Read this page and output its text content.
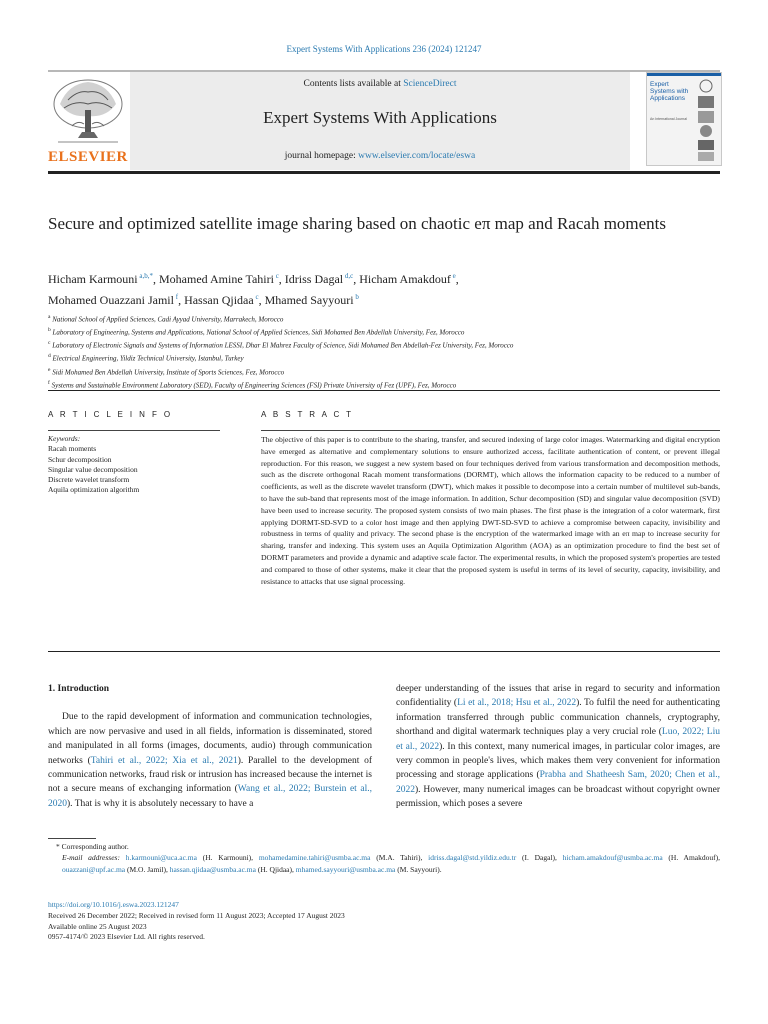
Expert Systems With Applications 236 (2024) 121247
ELSEVIER
Contents lists available at ScienceDirect
Expert Systems With Applications
journal homepage: www.elsevier.com/locate/eswa
Expert Systems with Applications
An International Journal
Secure and optimized satellite image sharing based on chaotic eπ map and Racah moments
Hicham Karmouni $^{a,b,*}$, Mohamed Amine Tahiri $^c$, Idriss Dagal $^{d,c}$, Hicham Amakdouf $^e$,
Mohamed Ouazzani Jamil $^f$, Hassan Qjidaa $^c$, Mhamed Sayyouri $^b$
$^a$ National School of Applied Sciences, Cadi Ayyad University, Marrakech, Morocco
$^b$ Laboratory of Engineering, Systems and Applications, National School of Applied Sciences, Sidi Mohamed Ben Abdellah University, Fez, Morocco
$^c$ Laboratory of Electronic Signals and Systems of Information LESSI, Dhar El Mahrez Faculty of Science, Sidi Mohamed Ben Abdellah-Fez University, Fez, Morocco
$^d$ Electrical Engineering, Yildiz Technical University, Istanbul, Turkey
$^e$ Sidi Mohamed Ben Abdellah University, Institute of Sports Sciences, Fez, Morocco
$^f$ Systems and Sustainable Environment Laboratory (SED), Faculty of Engineering Sciences (FSI) Private University of Fez (UPF), Fez, Morocco
A R T I C L E I N F O	A B S T R A C T
Keywords:
Racah moments
Schur decomposition
Singular value decomposition
Discrete wavelet transform
Aquila optimization algorithm
The objective of this paper is to contribute to the sharing, transfer, and secured indexing of large color images. Watermarking and digital encryption have emerged as alternative and complementary solutions to ensure authorized access, facilitate authentication of content, or prevent illegal reproduction. For this reason, we suggest a new system based on four techniques derived from various transformation and decomposition methods, such as the discrete orthogonal Racah moment transformations (DORMT), which allows the information capacity to be reduced to a number of coefficients, as well as the discrete wavelet transform (DWT), which makes it possible to decompose into a certain number of multilevel sub-bands, to have the sub-band that represents most of the image information. In addition, Schur decomposition (SD) and singular value decomposition (SVD) have been used to increase security. The proposed system consists of two main phases. The first phase is the integration of a color watermark, first applying DORMT-SD-SVD to a color host image and then applying DWT-SD-SVD to achieve a compromise between capacity, invisibility and robustness in terms of quality and privacy. The second phase is the encryption of the watermarked image with an eπ map to increase security for sharing, transfer and indexing. This system uses an Aquila Optimization Algorithm (AOA) as an optimization procedure to find the best set of DORMT parameters and provide a dynamic and adaptive scale factor. The experimental results, in which the proposed system's properties are tested and compared to those of other systems, make it clear that the proposed system is useful in terms of its level of security, capacity, invisibility, and resistance to attacks that use signal processing.
1. Introduction
Due to the rapid development of information and communication technologies, which are now pervasive and used in all fields, information is disseminated, stored and manipulated in all forms (images, documents, audio) through communication networks (Tahiri et al., 2022; Xia et al., 2021). Parallel to the development of communication networks, fraud risk or intrusion has increased because the internet is not a secure means of exchanging information (Wang et al., 2022; Burstein et al., 2020). That is why it is absolutely necessary to have a
deeper understanding of the issues that arise in regard to security and information confidentiality (Li et al., 2018; Hsu et al., 2022). To fulfil the need for authenticating information transferred through public communication channels, cryptography, shorthand and digital watermark techniques play a very crucial role (Luo, 2022; Liu et al., 2022). In this context, many numerical images, in particular color images, are very common in people's lives, which makes them very convenient for information processing and storage applications (Prabha and Shatheesh Sam, 2020; Chen et al., 2022). However, many numerical images can be broadcast without copyright owner permission, which poses a severe
* Corresponding author.
E-mail addresses: h.karmouni@uca.ac.ma (H. Karmouni), mohamedamine.tahiri@usmba.ac.ma (M.A. Tahiri), idriss.dagal@std.yildiz.edu.tr (I. Dagal), hicham.amakdouf@usmba.ac.ma (H. Amakdouf), ouazzani@upf.ac.ma (M.O. Jamil), hassan.qjidaa@usmba.ac.ma (H. Qjidaa), mhamed.sayyouri@usmba.ac.ma (M. Sayyouri).
https://doi.org/10.1016/j.eswa.2023.121247
Received 26 December 2022; Received in revised form 11 August 2023; Accepted 17 August 2023
Available online 25 August 2023
0957-4174/© 2023 Elsevier Ltd. All rights reserved.
